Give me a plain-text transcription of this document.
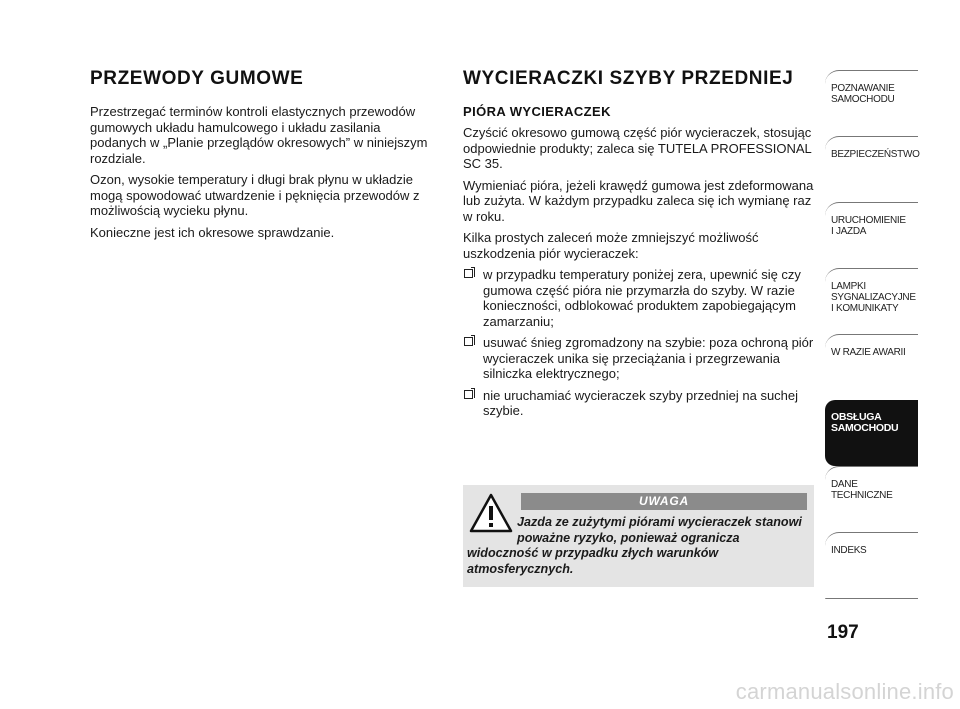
PRZEWODY GUMOWE

Przestrzegać terminów kontroli elastycznych przewodów gumowych układu hamulcowego i układu zasilania podanych w „Planie przeglądów okresowych” w niniejszym rozdziale.

Ozon, wysokie temperatury i długi brak płynu w układzie mogą spowodować utwardzenie i pęknięcia przewodów z możliwością wycieku płynu.

Konieczne jest ich okresowe sprawdzanie.

WYCIERACZKI SZYBY PRZEDNIEJ
PIÓRA WYCIERACZEK

Czyścić okresowo gumową część piór wycieraczek, stosując odpowiednie produkty; zaleca się TUTELA PROFESSIONAL SC 35.

Wymieniać pióra, jeżeli krawędź gumowa jest zdeformowana lub zużyta. W każdym przypadku zaleca się ich wymianę raz w roku.

Kilka prostych zaleceń może zmniejszyć możliwość uszkodzenia piór wycieraczek:

w przypadku temperatury poniżej zera, upewnić się czy gumowa część pióra nie przymarzła do szyby. W razie konieczności, odblokować produktem zapobiegającym zamarzaniu;
usuwać śnieg zgromadzony na szybie: poza ochroną piór wycieraczek unika się przeciążania i przegrzewania silniczka elektrycznego;
nie uruchamiać wycieraczek szyby przedniej na suchej szybie.
UWAGA

Jazda ze zużytymi piórami wycieraczek stanowi poważne ryzyko, ponieważ ogranicza widoczność w przypadku złych warunków atmosferycznych.

POZNAWANIE
SAMOCHODU
BEZPIECZEŃSTWO
URUCHOMIENIE
I JAZDA
LAMPKI
SYGNALIZACYJNE
I KOMUNIKATY
W RAZIE AWARII
OBSŁUGA
SAMOCHODU
DANE
TECHNICZNE
INDEKS
197
carmanualsonline.info
